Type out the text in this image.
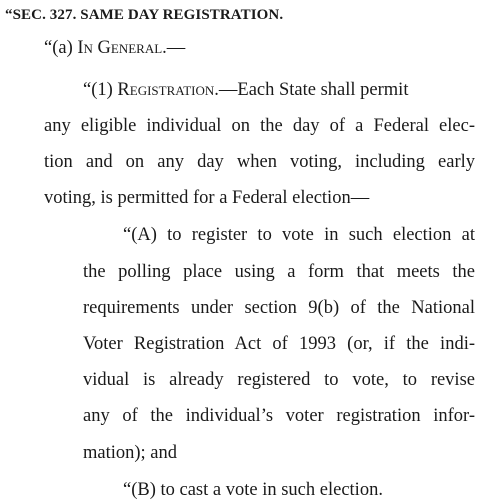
“SEC. 327. SAME DAY REGISTRATION.
“(a) In General.—
“(1) Registration.—Each State shall permit
any eligible individual on the day of a Federal elec-
tion and on any day when voting, including early
voting, is permitted for a Federal election—
“(A) to register to vote in such election at
the polling place using a form that meets the
requirements under section 9(b) of the National
Voter Registration Act of 1993 (or, if the indi-
vidual is already registered to vote, to revise
any of the individual’s voter registration infor-
mation); and
“(B) to cast a vote in such election.
